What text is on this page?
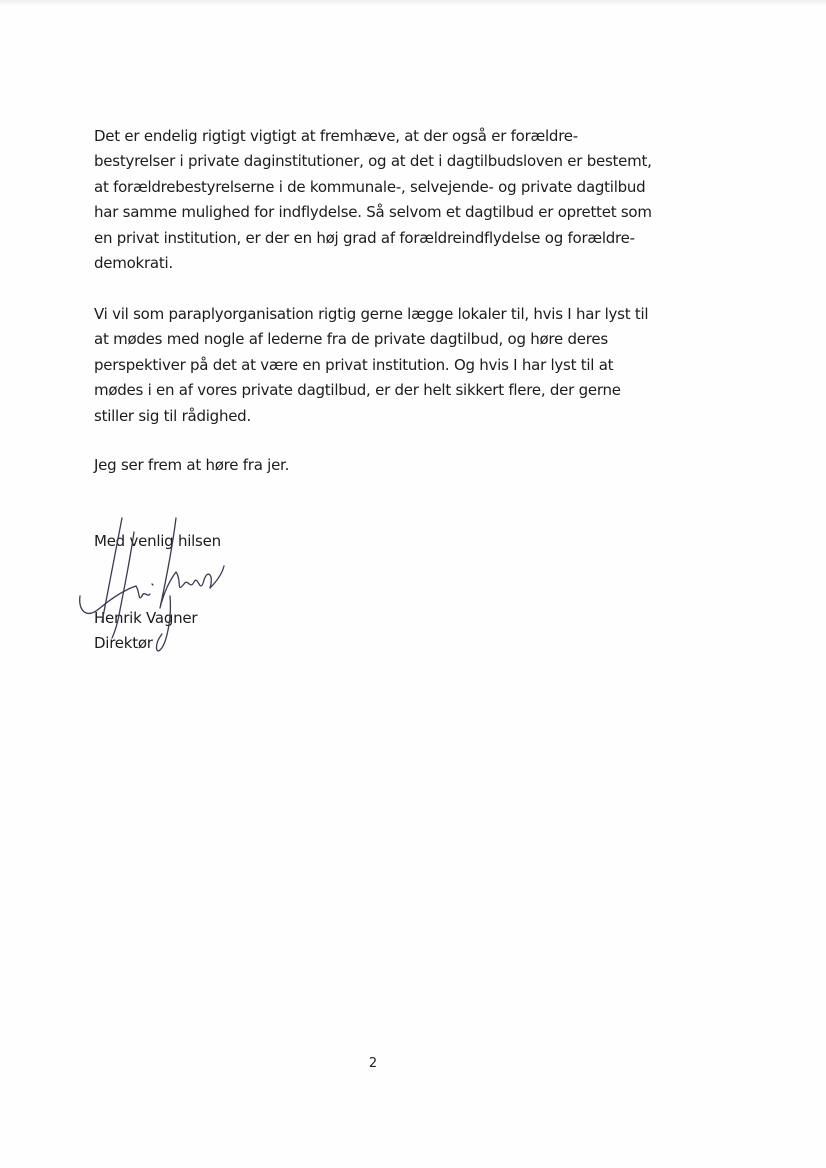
Det er endelig rigtigt vigtigt at fremhæve, at der også er forældre-
bestyrelser i private daginstitutioner, og at det i dagtilbudsloven er bestemt,
at forældrebestyrelserne i de kommunale-, selvejende- og private dagtilbud
har samme mulighed for indflydelse. Så selvom et dagtilbud er oprettet som
en privat institution, er der en høj grad af forældreindflydelse og forældre-
demokrati.
Vi vil som paraplyorganisation rigtig gerne lægge lokaler til, hvis I har lyst til
at mødes med nogle af lederne fra de private dagtilbud, og høre deres
perspektiver på det at være en privat institution. Og hvis I har lyst til at
mødes i en af vores private dagtilbud, er der helt sikkert flere, der gerne
stiller sig til rådighed.
Jeg ser frem at høre fra jer.
Med venlig hilsen
Henrik Vagner
Direktør
2
